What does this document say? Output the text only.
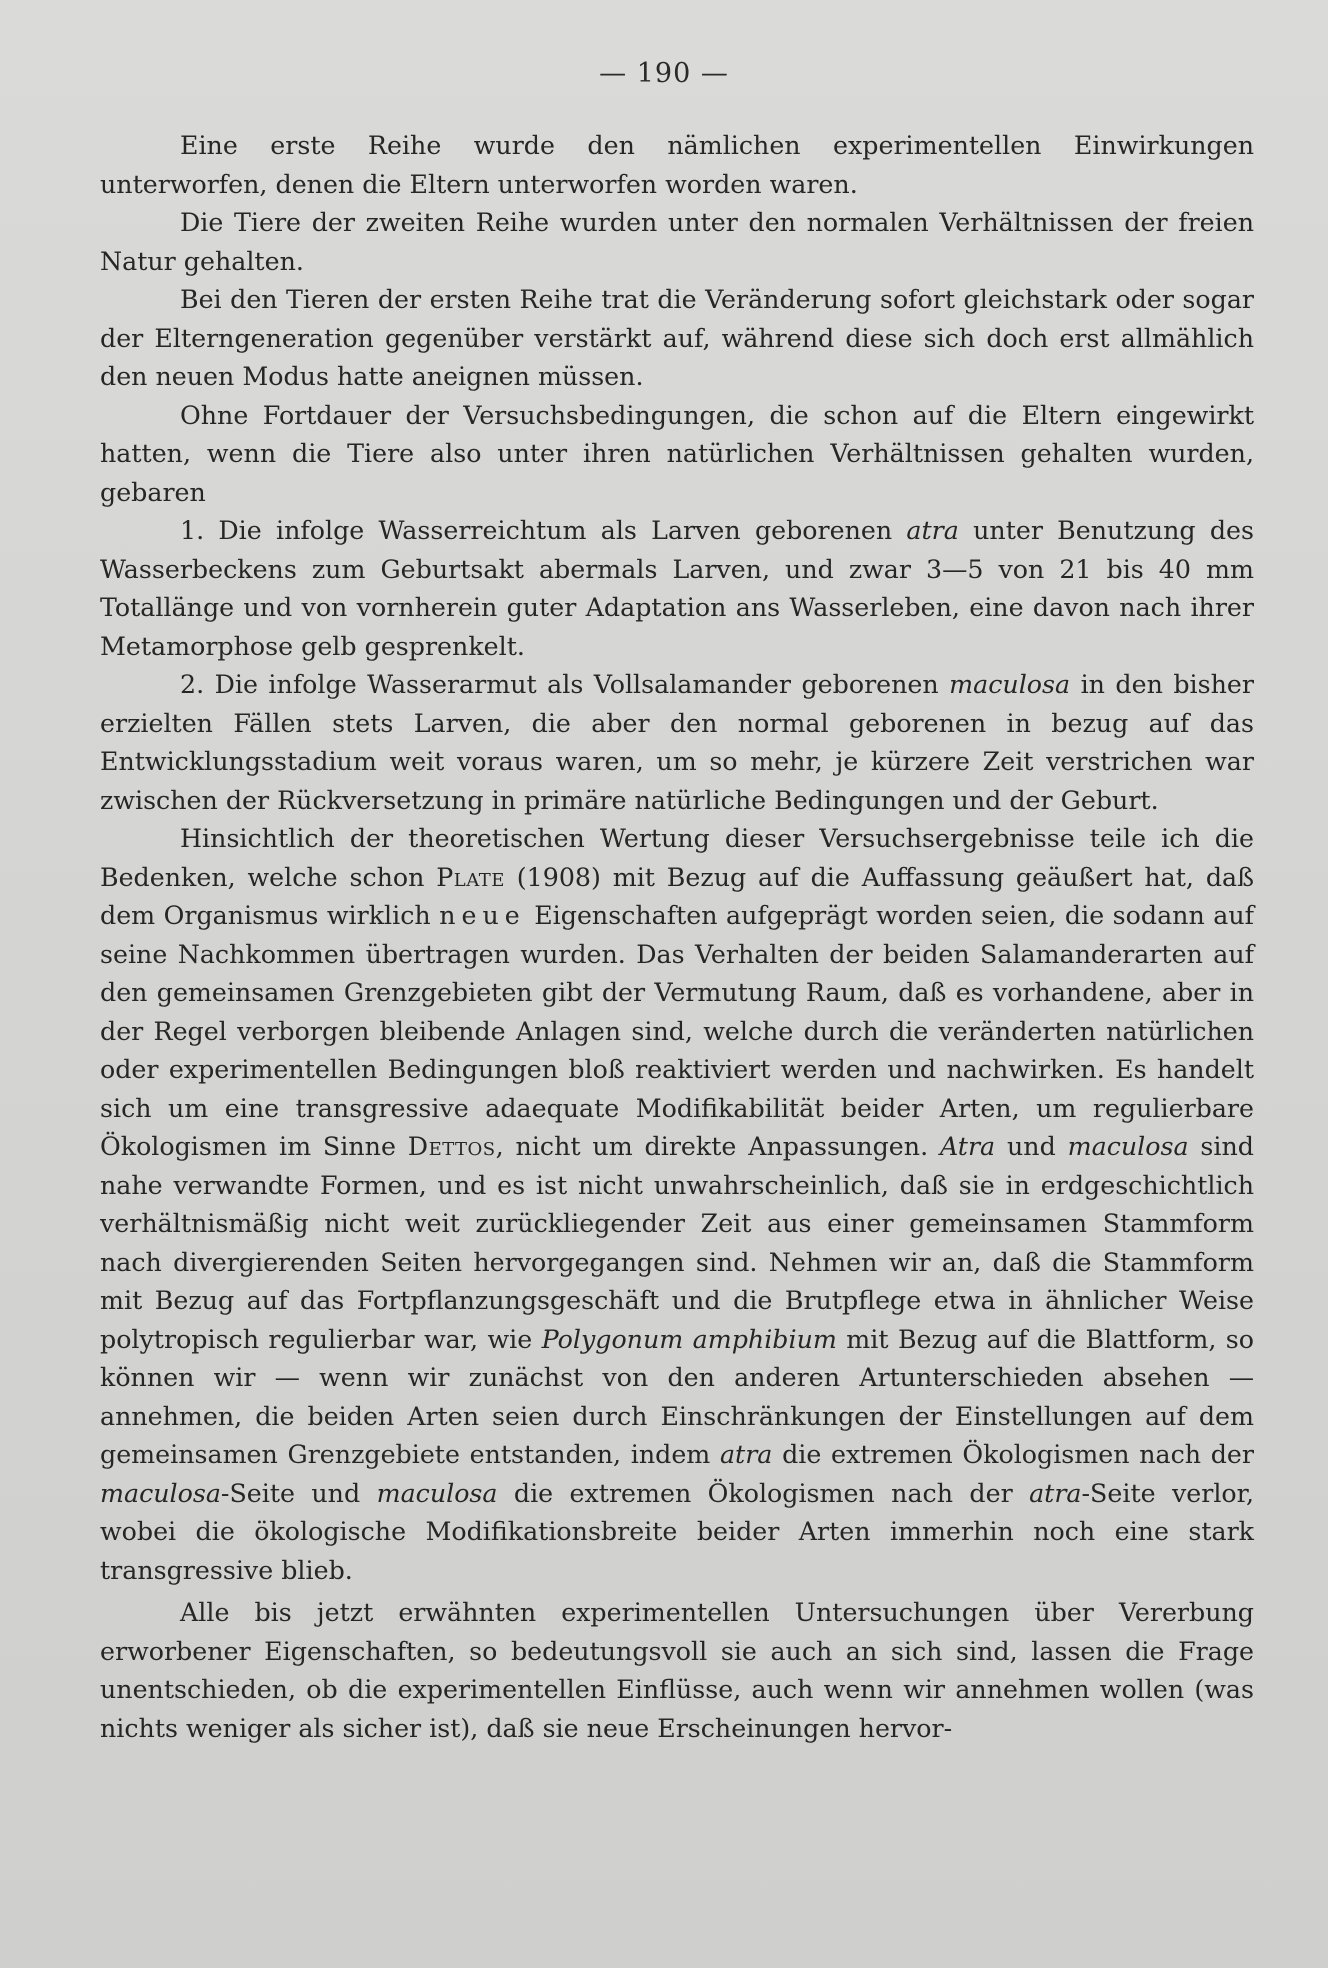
— 190 —

Eine erste Reihe wurde den nämlichen experimentellen Einwirkungen unterworfen, denen die Eltern unterworfen worden waren.

Die Tiere der zweiten Reihe wurden unter den normalen Verhältnissen der freien Natur gehalten.

Bei den Tieren der ersten Reihe trat die Veränderung sofort gleichstark oder sogar der Elterngeneration gegenüber verstärkt auf, während diese sich doch erst allmählich den neuen Modus hatte aneignen müssen.

Ohne Fortdauer der Versuchsbedingungen, die schon auf die Eltern eingewirkt hatten, wenn die Tiere also unter ihren natürlichen Verhältnissen gehalten wurden, gebaren

1. Die infolge Wasserreichtum als Larven geborenen atra unter Benutzung des Wasserbeckens zum Geburtsakt abermals Larven, und zwar 3—5 von 21 bis 40 mm Totallänge und von vornherein guter Adaptation ans Wasserleben, eine davon nach ihrer Metamorphose gelb gesprenkelt.

2. Die infolge Wasserarmut als Vollsalamander geborenen maculosa in den bisher erzielten Fällen stets Larven, die aber den normal geborenen in bezug auf das Entwicklungsstadium weit voraus waren, um so mehr, je kürzere Zeit verstrichen war zwischen der Rückversetzung in primäre natürliche Bedingungen und der Geburt.

Hinsichtlich der theoretischen Wertung dieser Versuchsergebnisse teile ich die Bedenken, welche schon Plate (1908) mit Bezug auf die Auffassung geäußert hat, daß dem Organismus wirklich neue Eigenschaften aufgeprägt worden seien, die sodann auf seine Nachkommen übertragen wurden. Das Verhalten der beiden Salamanderarten auf den gemeinsamen Grenzgebieten gibt der Vermutung Raum, daß es vorhandene, aber in der Regel verborgen bleibende Anlagen sind, welche durch die veränderten natürlichen oder experimentellen Bedingungen bloß reaktiviert werden und nachwirken. Es handelt sich um eine transgressive adaequate Modifikabilität beider Arten, um regulierbare Ökologismen im Sinne Dettos, nicht um direkte Anpassungen. Atra und maculosa sind nahe verwandte Formen, und es ist nicht unwahrscheinlich, daß sie in erdgeschichtlich verhältnismäßig nicht weit zurückliegender Zeit aus einer gemeinsamen Stammform nach divergierenden Seiten hervorgegangen sind. Nehmen wir an, daß die Stammform mit Bezug auf das Fortpflanzungsgeschäft und die Brutpflege etwa in ähnlicher Weise polytropisch regulierbar war, wie Polygonum amphibium mit Bezug auf die Blattform, so können wir — wenn wir zunächst von den anderen Artunterschieden absehen — annehmen, die beiden Arten seien durch Einschränkungen der Einstellungen auf dem gemeinsamen Grenzgebiete entstanden, indem atra die extremen Ökologismen nach der maculosa-Seite und maculosa die extremen Ökologismen nach der atra-Seite verlor, wobei die ökologische Modifikationsbreite beider Arten immerhin noch eine stark transgressive blieb.

Alle bis jetzt erwähnten experimentellen Untersuchungen über Vererbung erworbener Eigenschaften, so bedeutungsvoll sie auch an sich sind, lassen die Frage unentschieden, ob die experimentellen Einflüsse, auch wenn wir annehmen wollen (was nichts weniger als sicher ist), daß sie neue Erscheinungen hervor-
